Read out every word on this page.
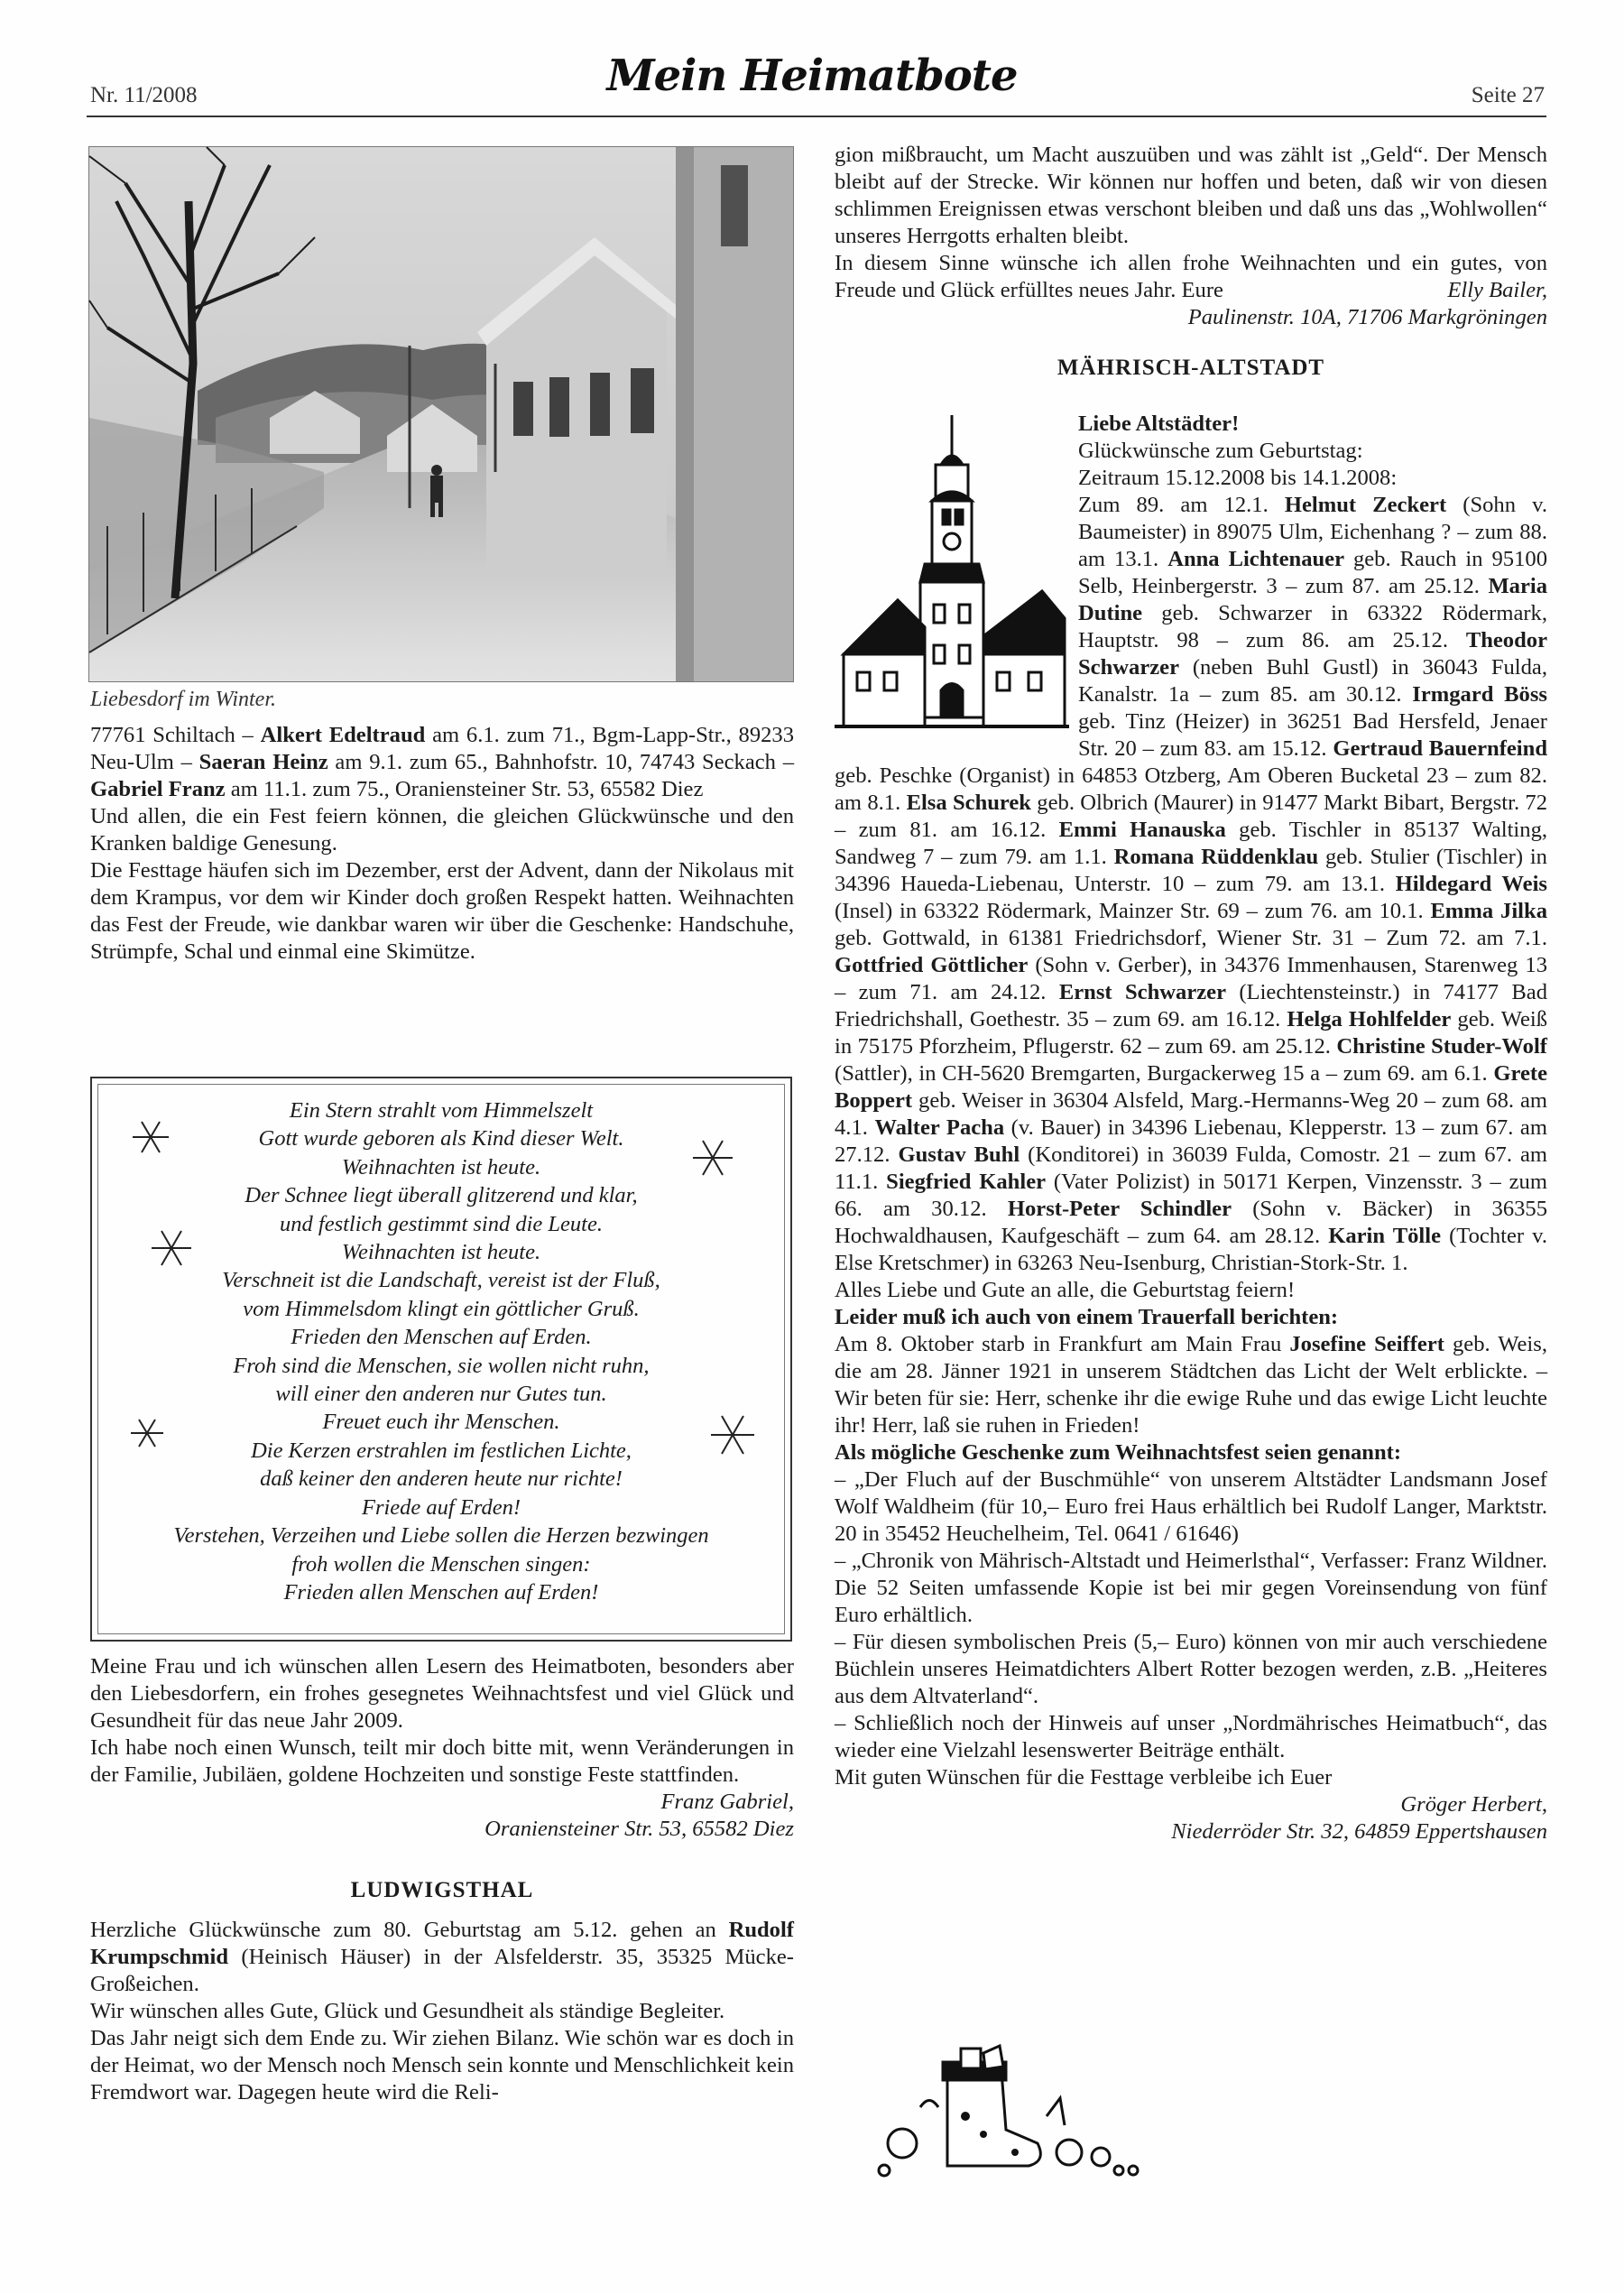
Nr. 11/2008	Mein Heimatbote	Seite 27
Liebesdorf im Winter.

77761 Schiltach – Alkert Edeltraud am 6.1. zum 71., Bgm-Lapp-Str., 89233 Neu-Ulm – Saeran Heinz am 9.1. zum 65., Bahnhofstr. 10, 74743 Seckach – Gabriel Franz am 11.1. zum 75., Oraniensteiner Str. 53, 65582 Diez

Und allen, die ein Fest feiern können, die gleichen Glückwünsche und den Kranken baldige Genesung.

Die Festtage häufen sich im Dezember, erst der Advent, dann der Nikolaus mit dem Krampus, vor dem wir Kinder doch großen Respekt hatten. Weihnachten das Fest der Freude, wie dankbar waren wir über die Geschenke: Handschuhe, Strümpfe, Schal und einmal eine Skimütze.

Ein Stern strahlt vom Himmelszelt
Gott wurde geboren als Kind dieser Welt.
Weihnachten ist heute.
Der Schnee liegt überall glitzerend und klar,
und festlich gestimmt sind die Leute.
Weihnachten ist heute.
Verschneit ist die Landschaft, vereist ist der Fluß,
vom Himmelsdom klingt ein göttlicher Gruß.
Frieden den Menschen auf Erden.
Froh sind die Menschen, sie wollen nicht ruhn,
will einer den anderen nur Gutes tun.
Freuet euch ihr Menschen.
Die Kerzen erstrahlen im festlichen Lichte,
daß keiner den anderen heute nur richte!
Friede auf Erden!
Verstehen, Verzeihen und Liebe sollen die Herzen bezwingen
froh wollen die Menschen singen:
Frieden allen Menschen auf Erden!

Meine Frau und ich wünschen allen Lesern des Heimatboten, besonders aber den Liebesdorfern, ein frohes gesegnetes Weihnachtsfest und viel Glück und Gesundheit für das neue Jahr 2009.

Ich habe noch einen Wunsch, teilt mir doch bitte mit, wenn Veränderungen in der Familie, Jubiläen, goldene Hochzeiten und sonstige Feste stattfinden.

Franz Gabriel,

Oraniensteiner Str. 53, 65582 Diez

LUDWIGSTHAL

Herzliche Glückwünsche zum 80. Geburtstag am 5.12. gehen an Rudolf Krumpschmid (Heinisch Häuser) in der Alsfelderstr. 35, 35325 Mücke-Großeichen.

Wir wünschen alles Gute, Glück und Gesundheit als ständige Begleiter.

Das Jahr neigt sich dem Ende zu. Wir ziehen Bilanz. Wie schön war es doch in der Heimat, wo der Mensch noch Mensch sein konnte und Menschlichkeit kein Fremdwort war. Dagegen heute wird die Reli-

gion mißbraucht, um Macht auszuüben und was zählt ist „Geld“. Der Mensch bleibt auf der Strecke. Wir können nur hoffen und beten, daß wir von diesen schlimmen Ereignissen etwas verschont bleiben und daß uns das „Wohlwollen“ unseres Herrgotts erhalten bleibt.

In diesem Sinne wünsche ich allen frohe Weihnachten und ein gutes, von Freude und Glück erfülltes neues Jahr. Eure	Elly Bailer,

Paulinenstr. 10A, 71706 Markgröningen

MÄHRISCH-ALTSTADT

Liebe Altstädter!

Glückwünsche zum Geburtstag:

Zeitraum 15.12.2008 bis 14.1.2008:

Zum 89. am 12.1. Helmut Zeckert (Sohn v. Baumeister) in 89075 Ulm, Eichenhang ? – zum 88. am 13.1. Anna Lichtenauer geb. Rauch in 95100 Selb, Heinbergerstr. 3 – zum 87. am 25.12. Maria Dutine geb. Schwarzer in 63322 Rödermark, Hauptstr. 98 – zum 86. am 25.12. Theodor Schwarzer (neben Buhl Gustl) in 36043 Fulda, Kanalstr. 1a – zum 85. am 30.12. Irmgard Böss geb. Tinz (Heizer) in 36251 Bad Hersfeld, Jenaer Str. 20 – zum 83. am 15.12. Gertraud Bauernfeind geb. Peschke (Organist) in 64853 Otzberg, Am Oberen Bucketal 23 – zum 82. am 8.1. Elsa Schurek geb. Olbrich (Maurer) in 91477 Markt Bibart, Bergstr. 72 – zum 81. am 16.12. Emmi Hanauska geb. Tischler in 85137 Walting, Sandweg 7 – zum 79. am 1.1. Romana Rüddenklau geb. Stulier (Tischler) in 34396 Haueda-Liebenau, Unterstr. 10 – zum 79. am 13.1. Hildegard Weis (Insel) in 63322 Rödermark, Mainzer Str. 69 – zum 76. am 10.1. Emma Jilka geb. Gottwald, in 61381 Friedrichsdorf, Wiener Str. 31 – Zum 72. am 7.1. Gottfried Göttlicher (Sohn v. Gerber), in 34376 Immenhausen, Starenweg 13 – zum 71. am 24.12. Ernst Schwarzer (Liechtensteinstr.) in 74177 Bad Friedrichshall, Goethestr. 35 – zum 69. am 16.12. Helga Hohlfelder geb. Weiß in 75175 Pforzheim, Pflugerstr. 62 – zum 69. am 25.12. Christine Studer-Wolf (Sattler), in CH-5620 Bremgarten, Burgackerweg 15 a – zum 69. am 6.1. Grete Boppert geb. Weiser in 36304 Alsfeld, Marg.-Hermanns-Weg 20 – zum 68. am 4.1. Walter Pacha (v. Bauer) in 34396 Liebenau, Klepperstr. 13 – zum 67. am 27.12. Gustav Buhl (Konditorei) in 36039 Fulda, Comostr. 21 – zum 67. am 11.1. Siegfried Kahler (Vater Polizist) in 50171 Kerpen, Vinzensstr. 3 – zum 66. am 30.12. Horst-Peter Schindler (Sohn v. Bäcker) in 36355 Hochwaldhausen, Kaufgeschäft – zum 64. am 28.12. Karin Tölle (Tochter v. Else Kretschmer) in 63263 Neu-Isenburg, Christian-Stork-Str. 1.

Alles Liebe und Gute an alle, die Geburtstag feiern!

Leider muß ich auch von einem Trauerfall berichten:

Am 8. Oktober starb in Frankfurt am Main Frau Josefine Seiffert geb. Weis, die am 28. Jänner 1921 in unserem Städtchen das Licht der Welt erblickte. – Wir beten für sie: Herr, schenke ihr die ewige Ruhe und das ewige Licht leuchte ihr! Herr, laß sie ruhen in Frieden!

Als mögliche Geschenke zum Weihnachtsfest seien genannt:

– „Der Fluch auf der Buschmühle“ von unserem Altstädter Landsmann Josef Wolf Waldheim (für 10,– Euro frei Haus erhältlich bei Rudolf Langer, Marktstr. 20 in 35452 Heuchelheim, Tel. 0641 / 61646)

– „Chronik von Mährisch-Altstadt und Heimerlsthal“, Verfasser: Franz Wildner. Die 52 Seiten umfassende Kopie ist bei mir gegen Voreinsendung von fünf Euro erhältlich.

– Für diesen symbolischen Preis (5,– Euro) können von mir auch verschiedene Büchlein unseres Heimatdichters Albert Rotter bezogen werden, z.B. „Heiteres aus dem Altvaterland“.

– Schließlich noch der Hinweis auf unser „Nordmährisches Heimatbuch“, das wieder eine Vielzahl lesenswerter Beiträge enthält.

Mit guten Wünschen für die Festtage verbleibe ich Euer

Gröger Herbert,

Niederröder Str. 32, 64859 Eppertshausen
